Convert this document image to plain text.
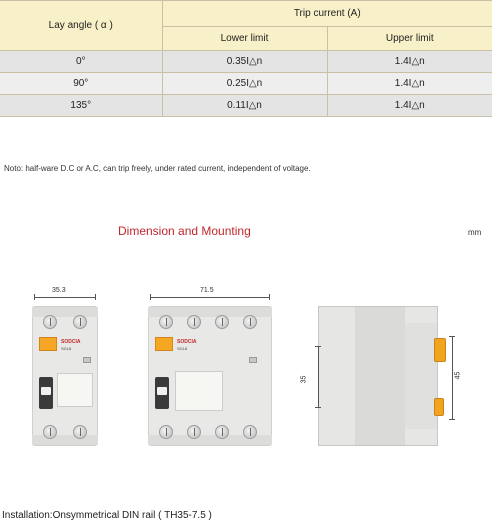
Lay angle ( α )	Trip current (A)	
	Lower limit	Upper limit
0°	0.35I△n	1.4I△n
90°	0.25I△n	1.4I△n
135°	0.11I△n	1.4I△n
Noto: half-ware D.C or A.C, can trip freely, under rated current, independent of voltage.
Dimension and Mounting	mm
35.3	71.5
SODCIA
SGL8
SODCIA
SGL8
35
45
Installation:Onsymmetrical DIN rail ( TH35-7.5 )
